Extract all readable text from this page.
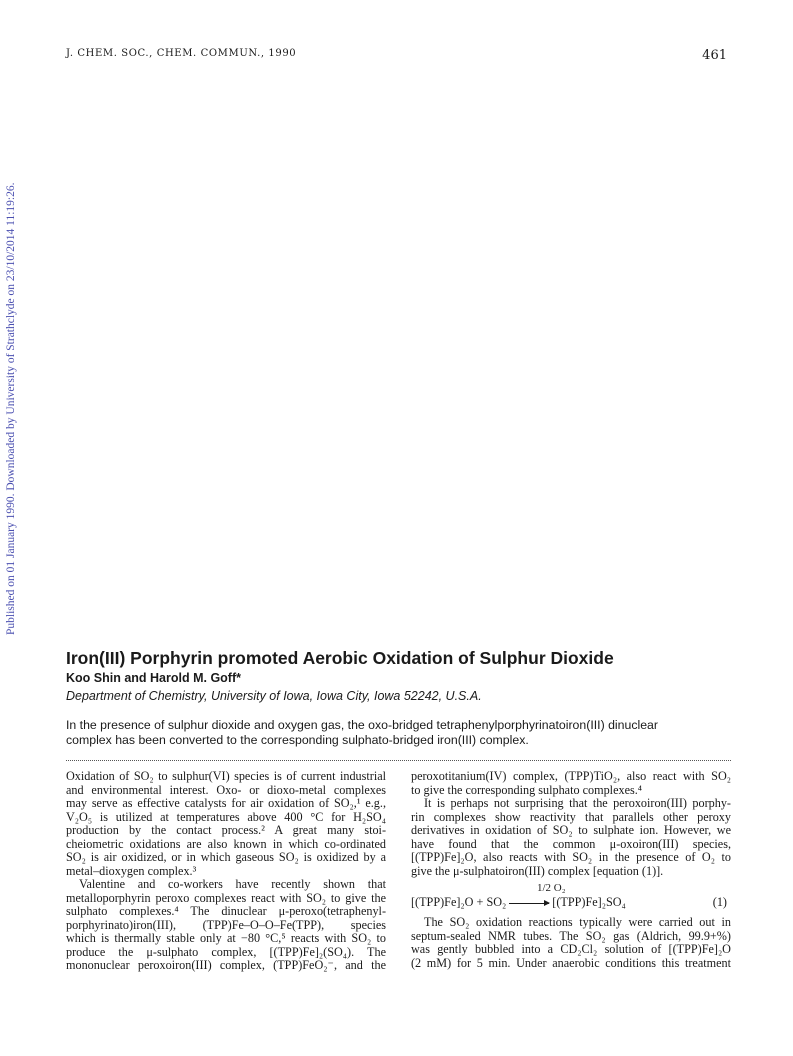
J. CHEM. SOC., CHEM. COMMUN., 1990	461
Published on 01 January 1990. Downloaded by University of Strathclyde on 23/10/2014 11:19:26.
Iron(III) Porphyrin promoted Aerobic Oxidation of Sulphur Dioxide
Koo Shin and Harold M. Goff*
Department of Chemistry, University of Iowa, Iowa City, Iowa 52242, U.S.A.
In the presence of sulphur dioxide and oxygen gas, the oxo-bridged tetraphenylporphyrinatoiron(III) dinuclear
complex has been converted to the corresponding sulphato-bridged iron(III) complex.
Oxidation of SO₂ to sulphur(VI) species is of current industrial
and environmental interest. Oxo- or dioxo-metal complexes
may serve as effective catalysts for air oxidation of SO₂,¹ e.g.,
V₂O₅ is utilized at temperatures above 400 °C for H₂SO₄
production by the contact process.² A great many stoi-
cheiometric oxidations are also known in which co-ordinated
SO₂ is air oxidized, or in which gaseous SO₂ is oxidized by a
metal–dioxygen complex.³
Valentine and co-workers have recently shown that
metalloporphyrin peroxo complexes react with SO₂ to give the
sulphato complexes.⁴ The dinuclear μ-peroxo(tetraphenyl-
porphyrinato)iron(III), (TPP)Fe–O–O–Fe(TPP), species
which is thermally stable only at −80 °C,⁵ reacts with SO₂ to
produce the μ-sulphato complex, [(TPP)Fe]₂(SO₄). The
mononuclear peroxoiron(III) complex, (TPP)FeO₂⁻, and the
peroxotitanium(IV) complex, (TPP)TiO₂, also react with SO₂
to give the corresponding sulphato complexes.⁴
It is perhaps not surprising that the peroxoiron(III) porphy-
rin complexes show reactivity that parallels other peroxy
derivatives in oxidation of SO₂ to sulphate ion. However, we
have found that the common μ-oxoiron(III) species,
[(TPP)Fe]₂O, also reacts with SO₂ in the presence of O₂ to
give the μ-sulphatoiron(III) complex [equation (1)].
1/2 O₂
[(TPP)Fe]₂O + SO₂ → [(TPP)Fe]₂SO₄	(1)
The SO₂ oxidation reactions typically were carried out in
septum-sealed NMR tubes. The SO₂ gas (Aldrich, 99.9+%)
was gently bubbled into a CD₂Cl₂ solution of [(TPP)Fe]₂O
(2 mM) for 5 min. Under anaerobic conditions this treatment
